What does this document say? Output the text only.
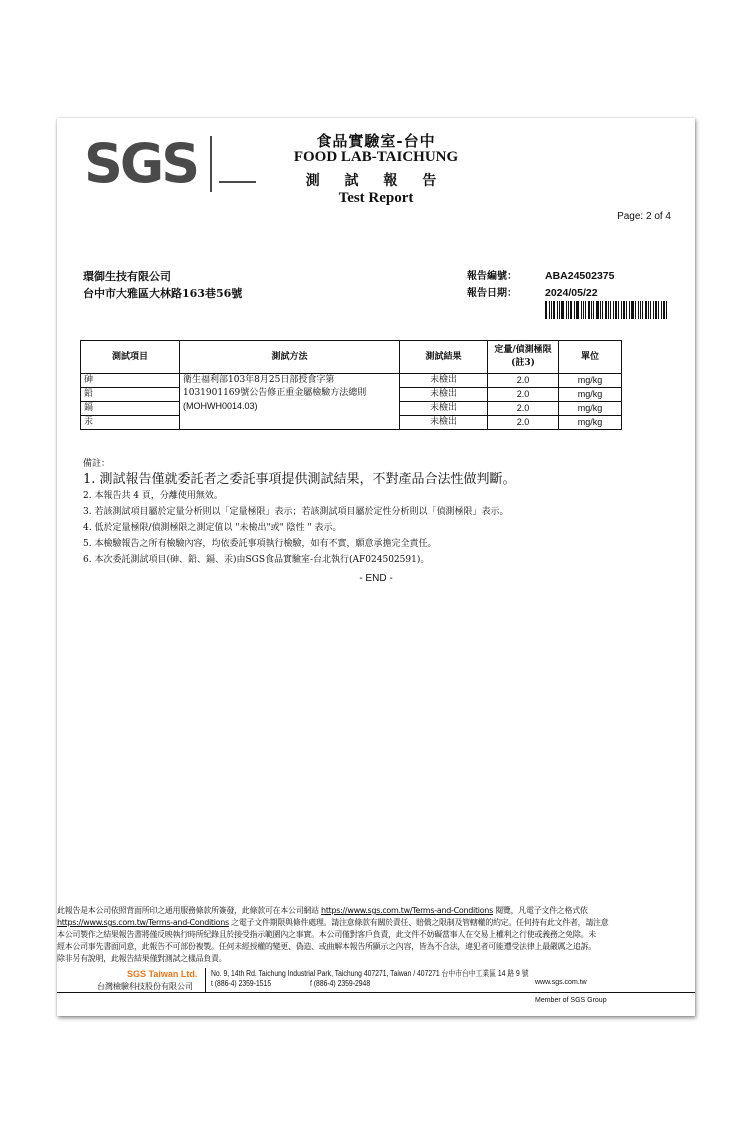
SGS	食品實驗室-台中
FOOD LAB-TAICHUNG
測 試 報 告
Test Report
Page: 2 of 4
環御生技有限公司
台中市大雅區大林路163巷56號
報告編號：	ABA24502375
報告日期：	2024/05/22
測試項目	測試方法	測試結果	定量/偵測極限(註3)	單位
砷	衛生福利部103年8月25日部授食字第
1031901169號公告修正重金屬檢驗方法總則
(MOHWH0014.03)	未檢出	2.0	mg/kg
鉛		未檢出	2.0	mg/kg
鎘		未檢出	2.0	mg/kg
汞		未檢出	2.0	mg/kg
備註：
1. 測試報告僅就委託者之委託事項提供測試結果，不對產品合法性做判斷。
2. 本報告共 4 頁，分離使用無效。
3. 若該測試項目屬於定量分析則以「定量極限」表示；若該測試項目屬於定性分析則以「偵測極限」表示。
4. 低於定量極限/偵測極限之測定值以 "未檢出"或" 陰性 " 表示。
5. 本檢驗報告之所有檢驗內容，均依委託事項執行檢驗，如有不實，願意承擔完全責任。
6. 本次委託測試項目(砷、鉛、鎘、汞)由SGS食品實驗室-台北執行(AF024502591)。
- END -
此報告是本公司依照背面所印之通用服務條款所簽發，此條款可在本公司網站 https://www.sgs.com.tw/Terms-and-Conditions 閱覽，凡電子文件之格式依
https://www.sgs.com.tw/Terms-and-Conditions 之電子文件期限與條件處理。請注意條款有關於責任、賠償之限制及管轄權的約定。任何持有此文件者，請注意
本公司製作之結果報告書將僅反映執行時所紀錄且於接受指示範圍內之事實。本公司僅對客戶負責，此文件不妨礙當事人在交易上權利之行使或義務之免除。未
經本公司事先書面同意，此報告不可部份複製。任何未經授權的變更、偽造、或曲解本報告所顯示之內容，皆為不合法，違犯者可能遭受法律上最嚴厲之追訴。
除非另有說明，此報告結果僅對測試之樣品負責。
SGS Taiwan Ltd.
台灣檢驗科技股份有限公司
No. 9, 14th Rd. Taichung Industrial Park, Taichung 407271, Taiwan / 407271 台中市台中工業區 14 路 9 號
t (886-4) 2359-1515	f (886-4) 2359-2948	www.sgs.com.tw
Member of SGS Group
